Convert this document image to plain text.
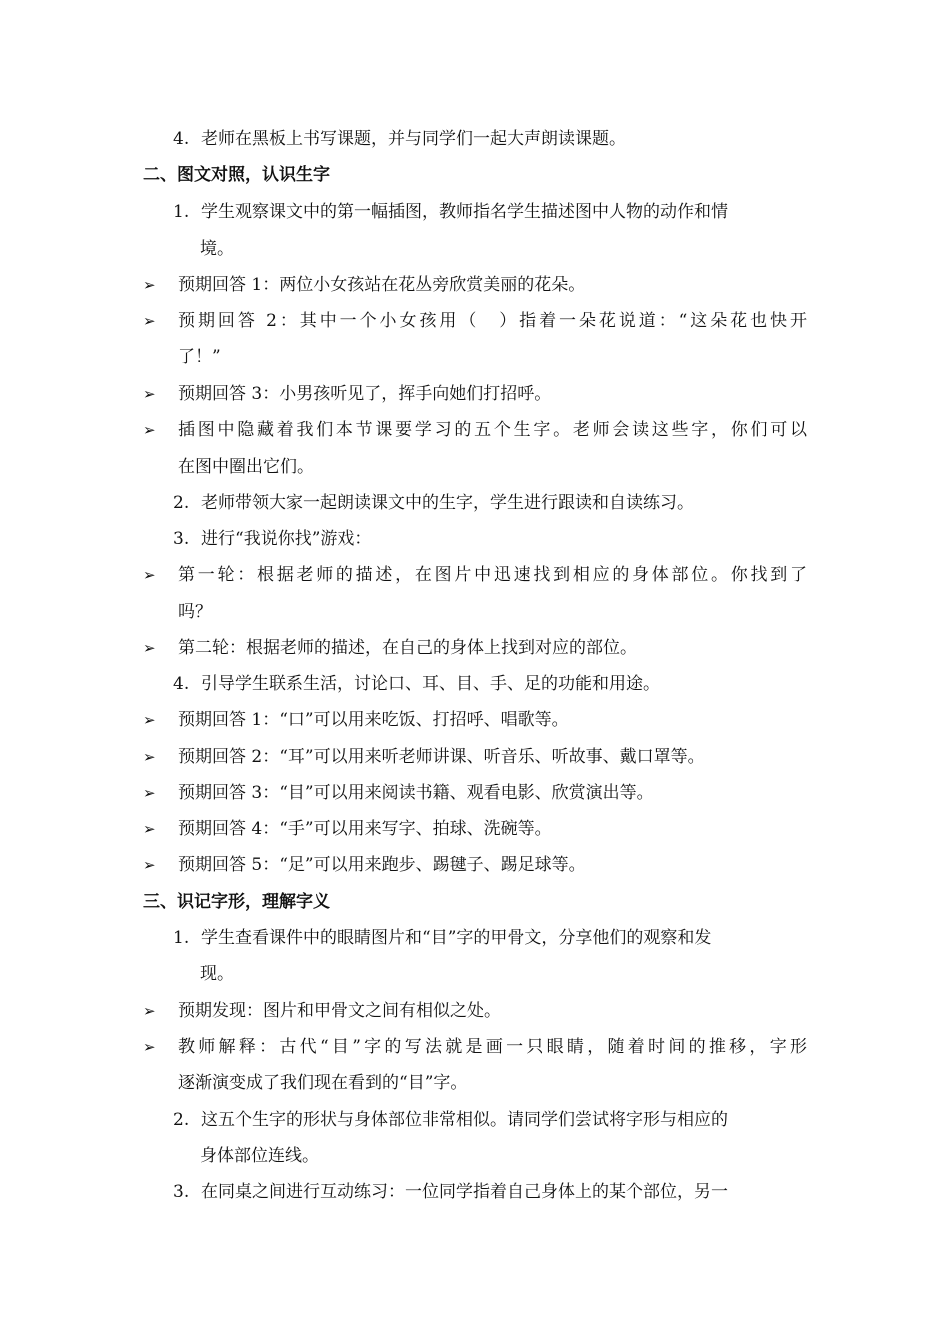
4. 老师在黑板上书写课题，并与同学们一起大声朗读课题。
二、图文对照，认识生字
1. 学生观察课文中的第一幅插图，教师指名学生描述图中人物的动作和情
境。
➢	预期回答 1：两位小女孩站在花丛旁欣赏美丽的花朵。
➢	预期回答 2：其中一个小女孩用（　）指着一朵花说道：“这朵花也快开
了！”
➢	预期回答 3：小男孩听见了，挥手向她们打招呼。
➢	插图中隐藏着我们本节课要学习的五个生字。老师会读这些字，你们可以
在图中圈出它们。
2. 老师带领大家一起朗读课文中的生字，学生进行跟读和自读练习。
3. 进行“我说你找”游戏：
➢	第一轮：根据老师的描述，在图片中迅速找到相应的身体部位。你找到了
吗？
➢	第二轮：根据老师的描述，在自己的身体上找到对应的部位。
4. 引导学生联系生活，讨论口、耳、目、手、足的功能和用途。
➢	预期回答 1：“口”可以用来吃饭、打招呼、唱歌等。
➢	预期回答 2：“耳”可以用来听老师讲课、听音乐、听故事、戴口罩等。
➢	预期回答 3：“目”可以用来阅读书籍、观看电影、欣赏演出等。
➢	预期回答 4：“手”可以用来写字、拍球、洗碗等。
➢	预期回答 5：“足”可以用来跑步、踢毽子、踢足球等。
三、识记字形，理解字义
1. 学生查看课件中的眼睛图片和“目”字的甲骨文，分享他们的观察和发
现。
➢	预期发现：图片和甲骨文之间有相似之处。
➢	教师解释：古代“目”字的写法就是画一只眼睛，随着时间的推移，字形
逐渐演变成了我们现在看到的“目”字。
2. 这五个生字的形状与身体部位非常相似。请同学们尝试将字形与相应的
身体部位连线。
3. 在同桌之间进行互动练习：一位同学指着自己身体上的某个部位，另一
